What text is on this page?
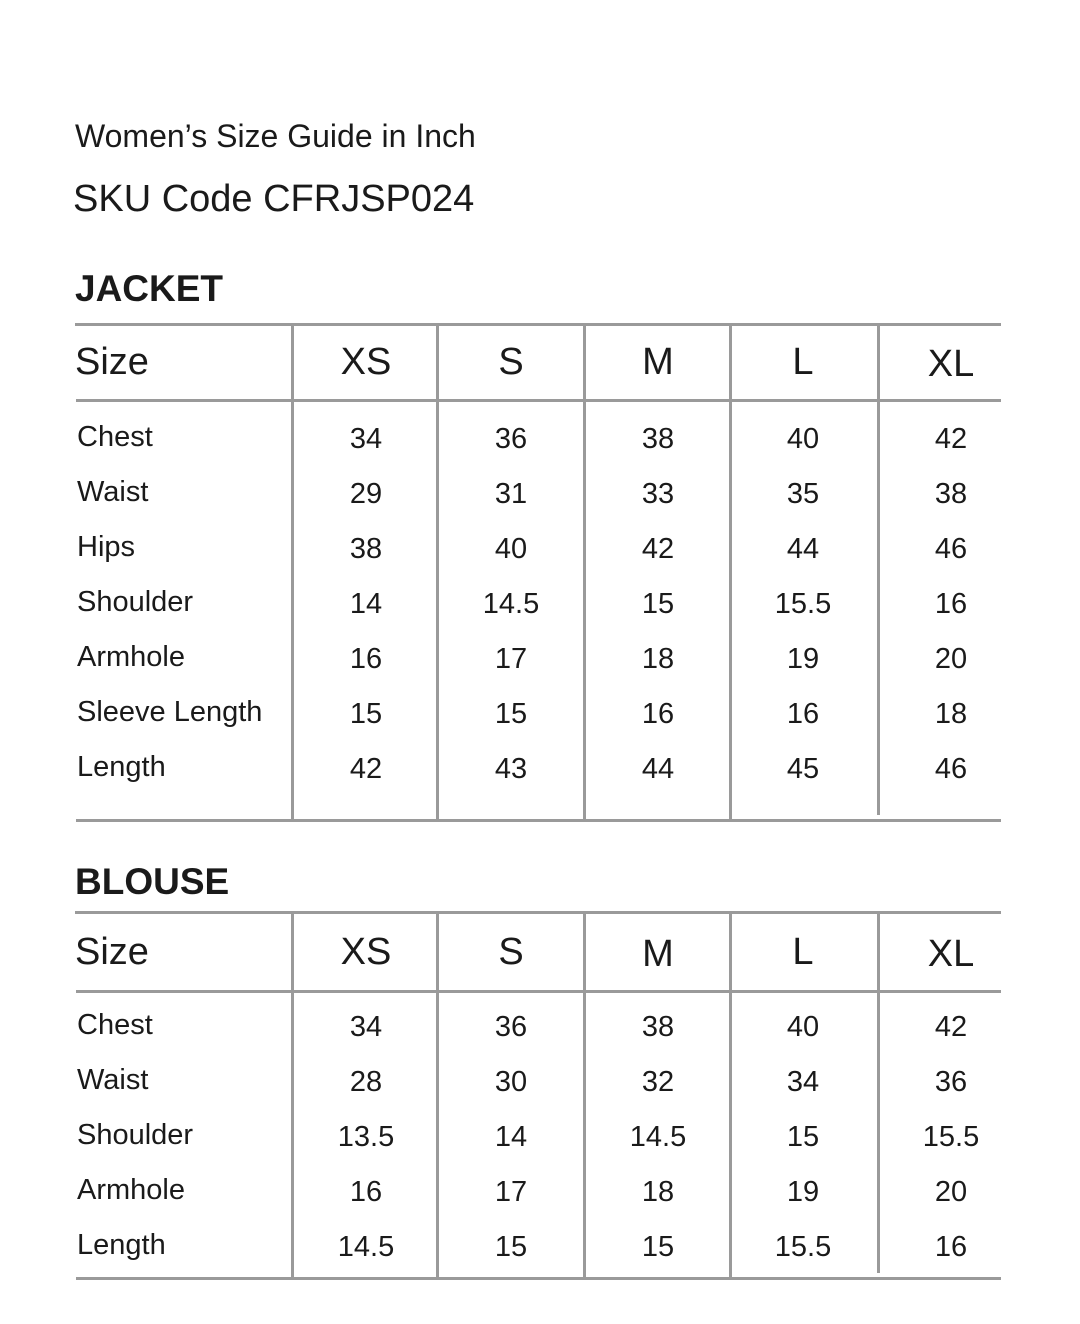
Women’s Size Guide in Inch
SKU Code CFRJSP024
JACKET
Size	XS	S	M	L	XL
Chest	34	36	38	40	42
Waist	29	31	33	35	38
Hips	38	40	42	44	46
Shoulder	14	14.5	15	15.5	16
Armhole	16	17	18	19	20
Sleeve Length	15	15	16	16	18
Length	42	43	44	45	46
BLOUSE
Size	XS	S	M	L	XL
Chest	34	36	38	40	42
Waist	28	30	32	34	36
Shoulder	13.5	14	14.5	15	15.5
Armhole	16	17	18	19	20
Length	14.5	15	15	15.5	16
